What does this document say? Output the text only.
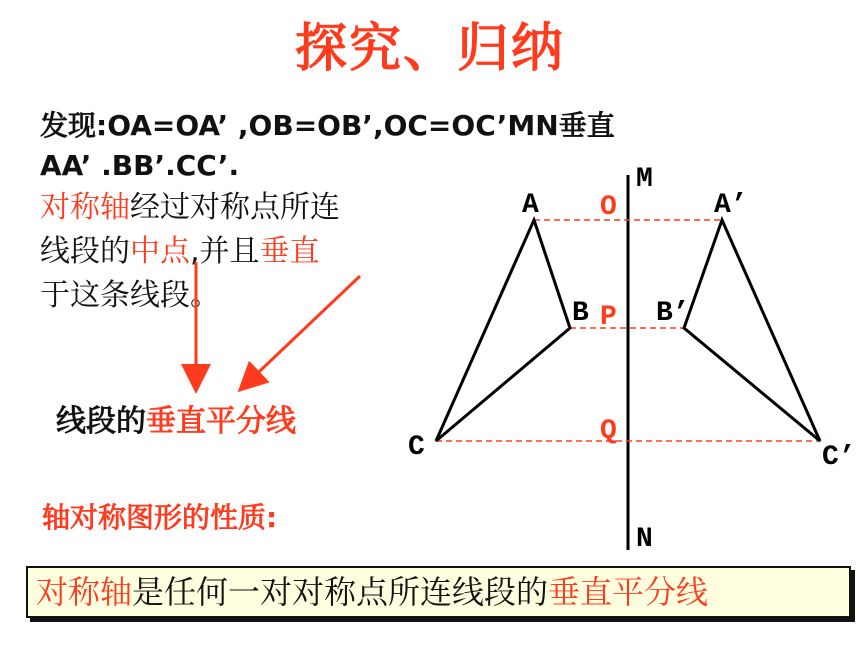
探究、归纳
发现:OA=OA’ ,OB=OB’,OC=OC’MN垂直
AA’ .BB’.CC’.
对称轴经过对称点所连
线段的中点,并且垂直
于这条线段。
线段的垂直平分线
轴对称图形的性质:
M
N
A
B
C
A’
B’
C’
O
P
Q
对称轴是任何一对对称点所连线段的垂直平分线
